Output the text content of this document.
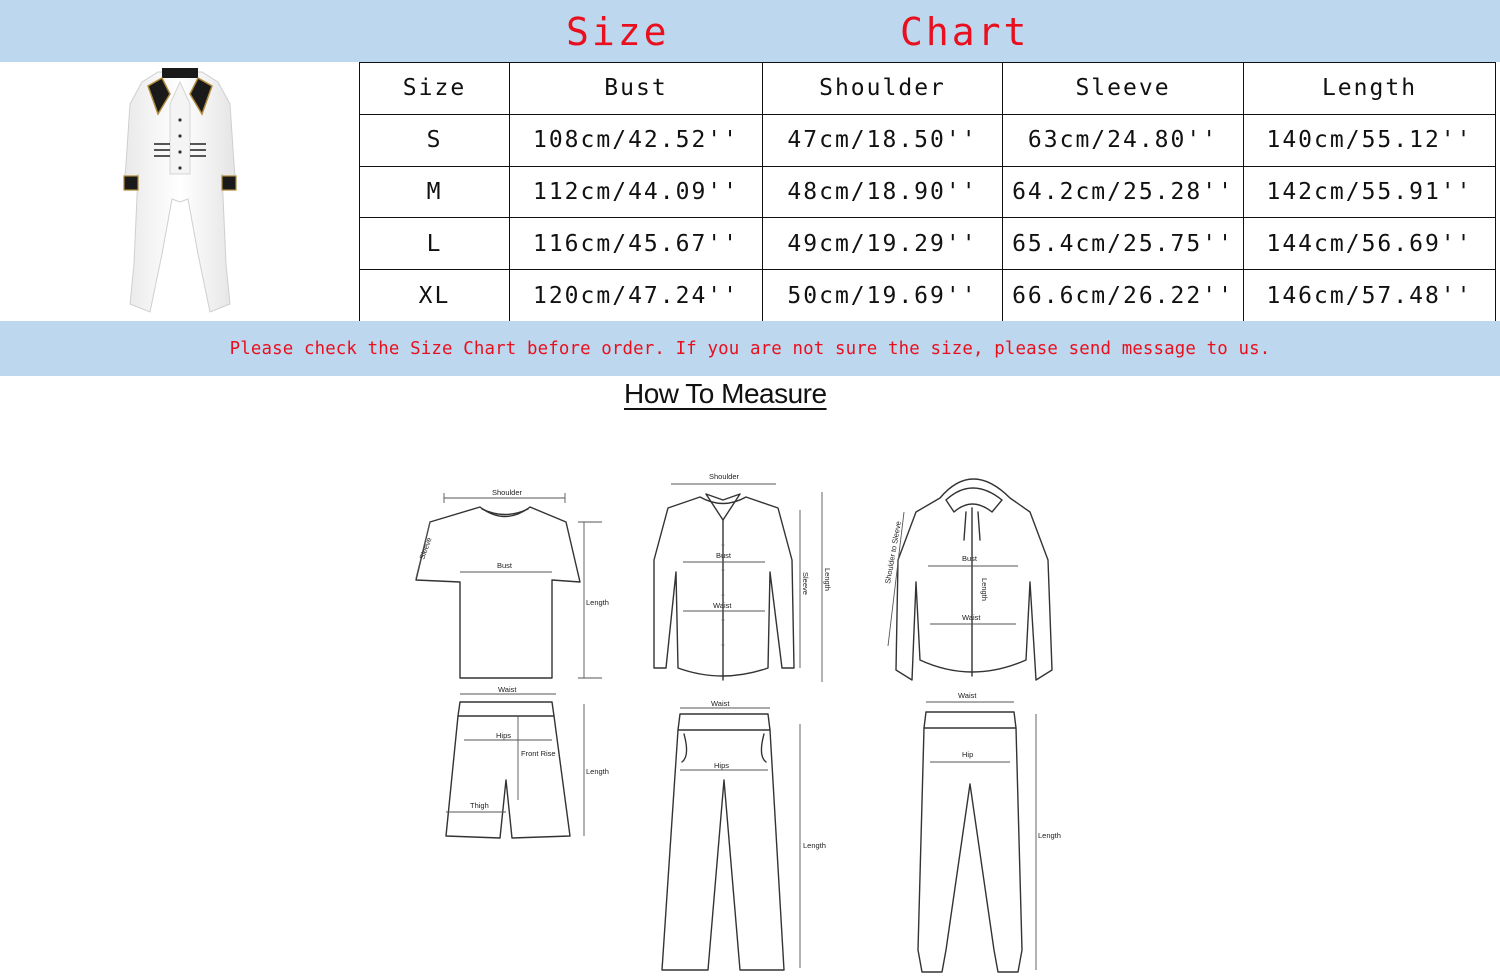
Size	Chart
Size	Bust	Shoulder	Sleeve	Length
S	108cm/42.52''	47cm/18.50''	63cm/24.80''	140cm/55.12''
M	112cm/44.09''	48cm/18.90''	64.2cm/25.28''	142cm/55.91''
L	116cm/45.67''	49cm/19.29''	65.4cm/25.75''	144cm/56.69''
XL	120cm/47.24''	50cm/19.69''	66.6cm/26.22''	146cm/57.48''
Please check the Size Chart before order. If you are not sure the size, please send message to us.
How To Measure
Shoulder
Sleeve
Bust
Length
Shoulder
Bust
Waist
Sleeve Length
Bust
Waist
Length
Shoulder to Sleeve
Waist
Hips
Front Rise
Thigh
Length
Waist
Hips
Length
Waist
Hip
Length
